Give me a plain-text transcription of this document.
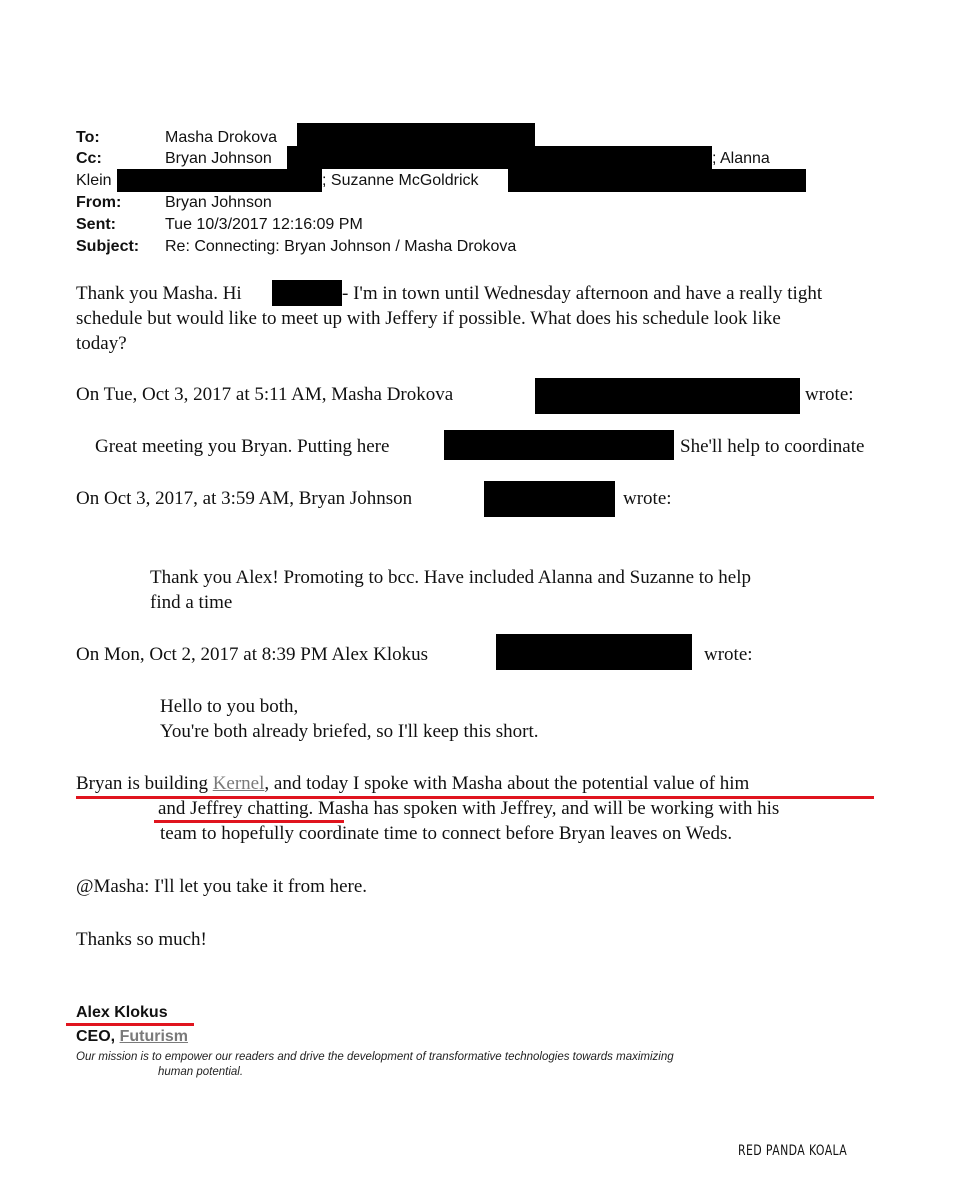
To:	Masha Drokova
Cc:	Bryan Johnson	; Alanna
Klein	; Suzanne McGoldrick
From:	Bryan Johnson
Sent:	Tue 10/3/2017 12:16:09 PM
Subject: Re: Connecting: Bryan Johnson / Masha Drokova
Thank you Masha. Hi	- I'm in town until Wednesday afternoon and have a really tight
schedule but would like to meet up with Jeffery if possible. What does his schedule look like
today?
On Tue, Oct 3, 2017 at 5:11 AM, Masha Drokova	wrote:
Great meeting you Bryan. Putting here	She'll help to coordinate
On Oct 3, 2017, at 3:59 AM, Bryan Johnson	wrote:
Thank you Alex! Promoting to bcc. Have included Alanna and Suzanne to help
find a time
On Mon, Oct 2, 2017 at 8:39 PM Alex Klokus	wrote:
Hello to you both,
You're both already briefed, so I'll keep this short.
Bryan is building Kernel, and today I spoke with Masha about the potential value of him
and Jeffrey chatting. Masha has spoken with Jeffrey, and will be working with his
team to hopefully coordinate time to connect before Bryan leaves on Weds.
@Masha: I'll let you take it from here.
Thanks so much!
Alex Klokus
CEO, Futurism
Our mission is to empower our readers and drive the development of transformative technologies towards maximizing
human potential.
RED PANDA KOALA
